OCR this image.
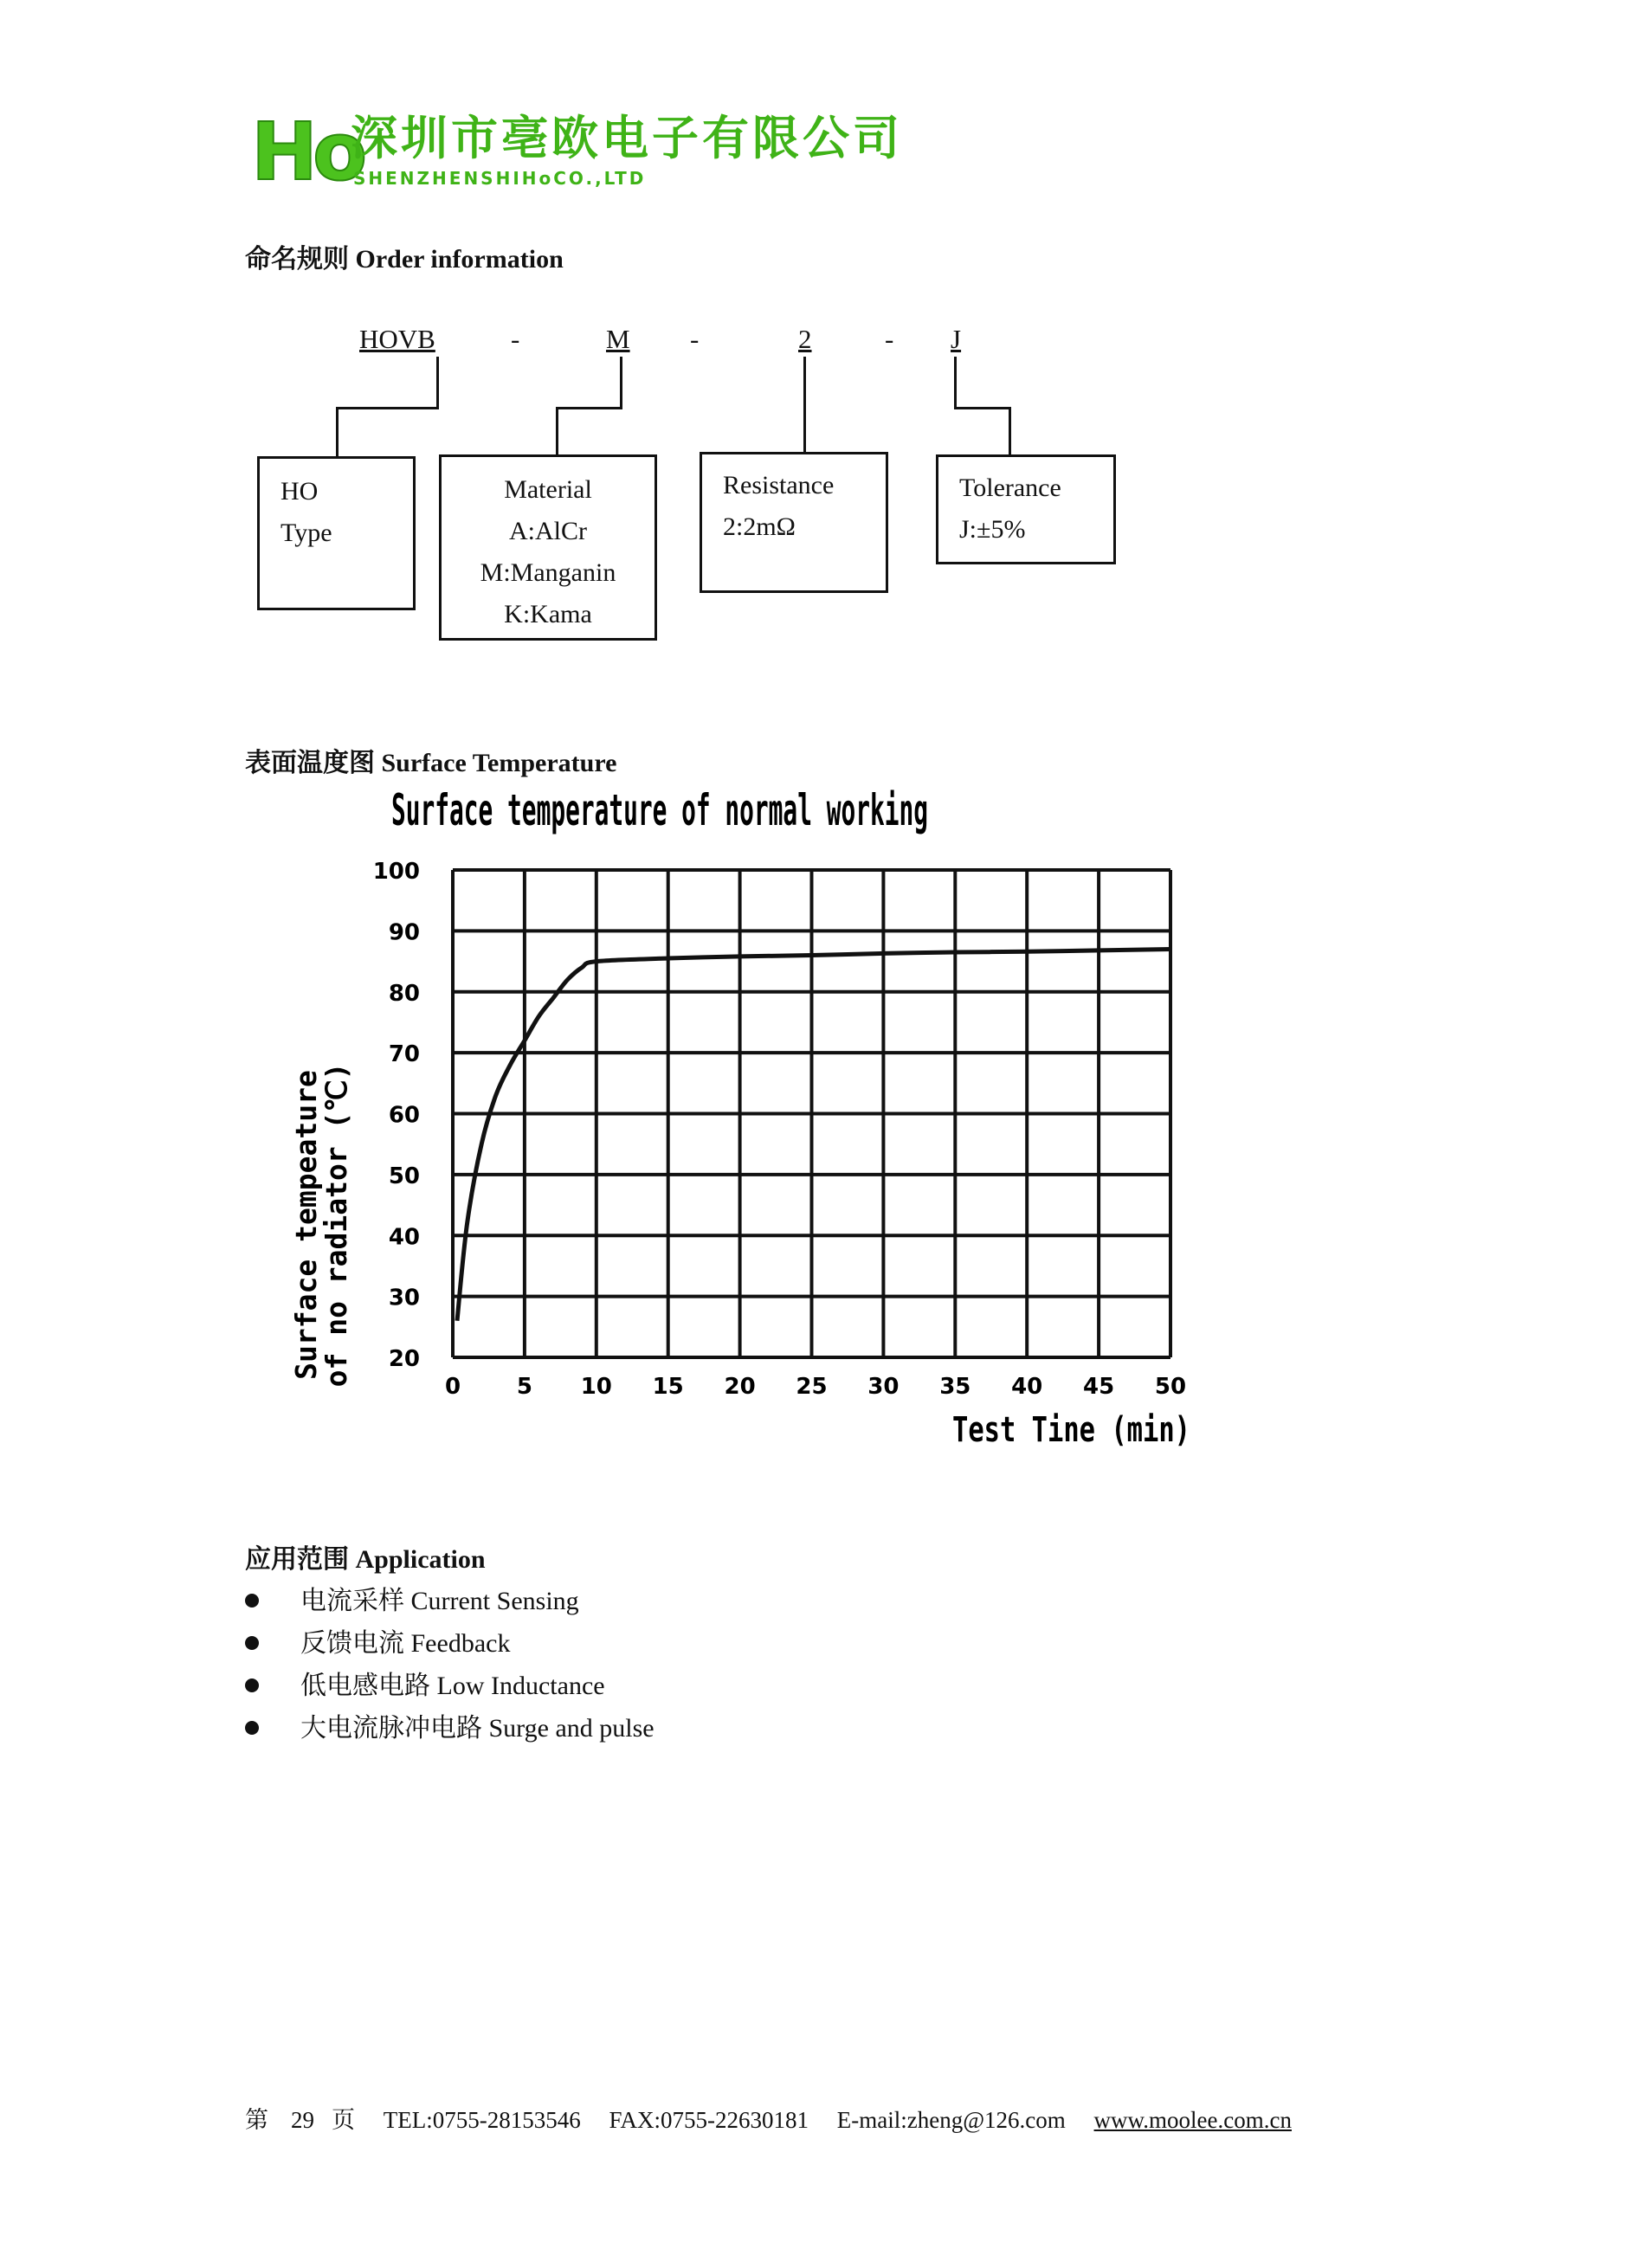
Ho
深圳市亳欧电子有限公司
SHENZHENSHIHoCO.,LTD
命名规则 Order information
HOVB	-	M -	2	- J
HO
Type
Material
A:AlCr
M:Manganin
K:Kama
Resistance
2:2mΩ
Tolerance
J:±5%
表面温度图 Surface Temperature
Surface temperature of normal working
Surface tempeature
of no radiator (℃)	0 5 10 15 20 25 30 35 40 45 50
20
30
40
50
60
70
80
90
100
Test Tine (min)
应用范围 Application
电流采样 Current Sensing
反馈电流 Feedback
低电感电路 Low Inductance
大电流脉冲电路 Surge and pulse
第 29 页 TEL:0755-28153546 FAX:0755-22630181 E-mail:zheng@126.com www.moolee.com.cn
